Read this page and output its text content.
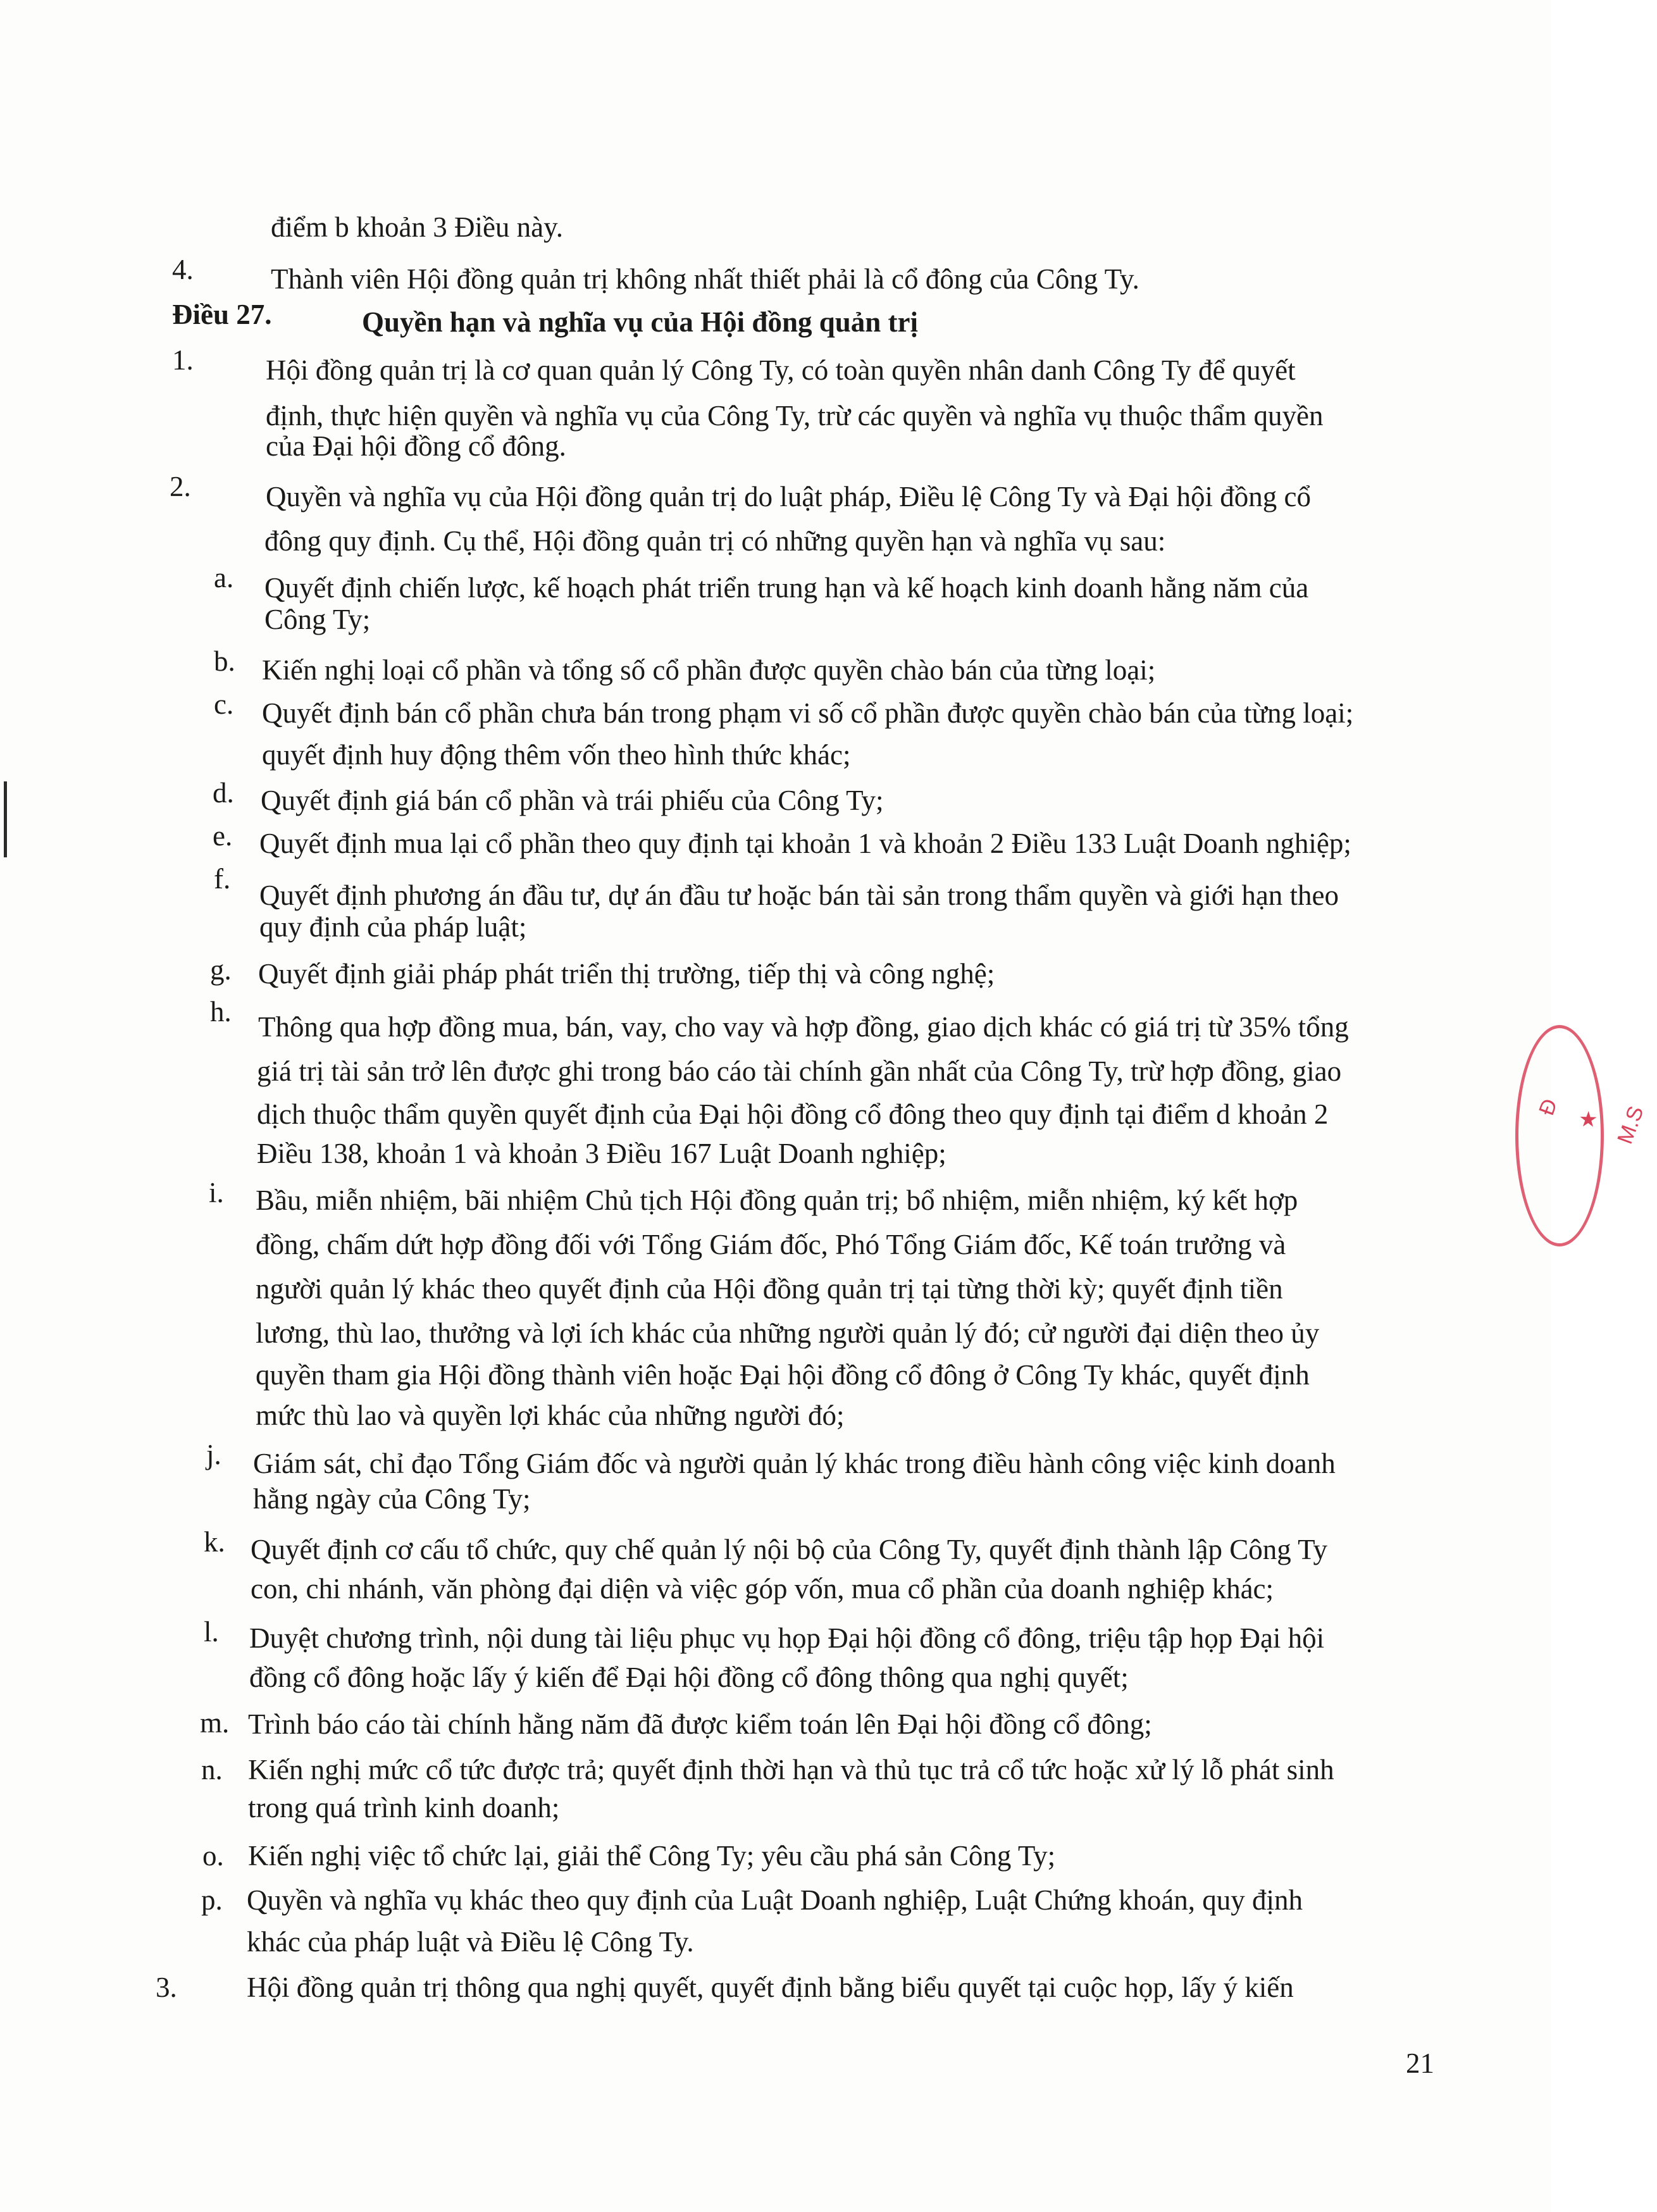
điểm b khoản 3 Điều này.
4.	Thành viên Hội đồng quản trị không nhất thiết phải là cổ đông của Công Ty.
Điều 27.	Quyền hạn và nghĩa vụ của Hội đồng quản trị
1.	Hội đồng quản trị là cơ quan quản lý Công Ty, có toàn quyền nhân danh Công Ty để quyết
định, thực hiện quyền và nghĩa vụ của Công Ty, trừ các quyền và nghĩa vụ thuộc thẩm quyền
của Đại hội đồng cổ đông.
2.	Quyền và nghĩa vụ của Hội đồng quản trị do luật pháp, Điều lệ Công Ty và Đại hội đồng cổ
đông quy định. Cụ thể, Hội đồng quản trị có những quyền hạn và nghĩa vụ sau:
a. Quyết định chiến lược, kế hoạch phát triển trung hạn và kế hoạch kinh doanh hằng năm của
Công Ty;
b. Kiến nghị loại cổ phần và tổng số cổ phần được quyền chào bán của từng loại;
c. Quyết định bán cổ phần chưa bán trong phạm vi số cổ phần được quyền chào bán của từng loại;
quyết định huy động thêm vốn theo hình thức khác;
d. Quyết định giá bán cổ phần và trái phiếu của Công Ty;
e. Quyết định mua lại cổ phần theo quy định tại khoản 1 và khoản 2 Điều 133 Luật Doanh nghiệp;
f.
Quyết định phương án đầu tư, dự án đầu tư hoặc bán tài sản trong thẩm quyền và giới hạn theo
quy định của pháp luật;
g. Quyết định giải pháp phát triển thị trường, tiếp thị và công nghệ;
h. Thông qua hợp đồng mua, bán, vay, cho vay và hợp đồng, giao dịch khác có giá trị từ 35% tổng
giá trị tài sản trở lên được ghi trong báo cáo tài chính gần nhất của Công Ty, trừ hợp đồng, giao
dịch thuộc thẩm quyền quyết định của Đại hội đồng cổ đông theo quy định tại điểm d khoản 2
Điều 138, khoản 1 và khoản 3 Điều 167 Luật Doanh nghiệp;
i. Bầu, miễn nhiệm, bãi nhiệm Chủ tịch Hội đồng quản trị; bổ nhiệm, miễn nhiệm, ký kết hợp
đồng, chấm dứt hợp đồng đối với Tổng Giám đốc, Phó Tổng Giám đốc, Kế toán trưởng và
người quản lý khác theo quyết định của Hội đồng quản trị tại từng thời kỳ; quyết định tiền
lương, thù lao, thưởng và lợi ích khác của những người quản lý đó; cử người đại diện theo ủy
quyền tham gia Hội đồng thành viên hoặc Đại hội đồng cổ đông ở Công Ty khác, quyết định
mức thù lao và quyền lợi khác của những người đó;
j. Giám sát, chỉ đạo Tổng Giám đốc và người quản lý khác trong điều hành công việc kinh doanh
hằng ngày của Công Ty;
k. Quyết định cơ cấu tổ chức, quy chế quản lý nội bộ của Công Ty, quyết định thành lập Công Ty
con, chi nhánh, văn phòng đại diện và việc góp vốn, mua cổ phần của doanh nghiệp khác;
l. Duyệt chương trình, nội dung tài liệu phục vụ họp Đại hội đồng cổ đông, triệu tập họp Đại hội
đồng cổ đông hoặc lấy ý kiến để Đại hội đồng cổ đông thông qua nghị quyết;
m. Trình báo cáo tài chính hằng năm đã được kiểm toán lên Đại hội đồng cổ đông;
n. Kiến nghị mức cổ tức được trả; quyết định thời hạn và thủ tục trả cổ tức hoặc xử lý lỗ phát sinh
trong quá trình kinh doanh;
o. Kiến nghị việc tổ chức lại, giải thể Công Ty; yêu cầu phá sản Công Ty;
p. Quyền và nghĩa vụ khác theo quy định của Luật Doanh nghiệp, Luật Chứng khoán, quy định
khác của pháp luật và Điều lệ Công Ty.
3. Hội đồng quản trị thông qua nghị quyết, quyết định bằng biểu quyết tại cuộc họp, lấy ý kiến
21
Đ ★ M.S
